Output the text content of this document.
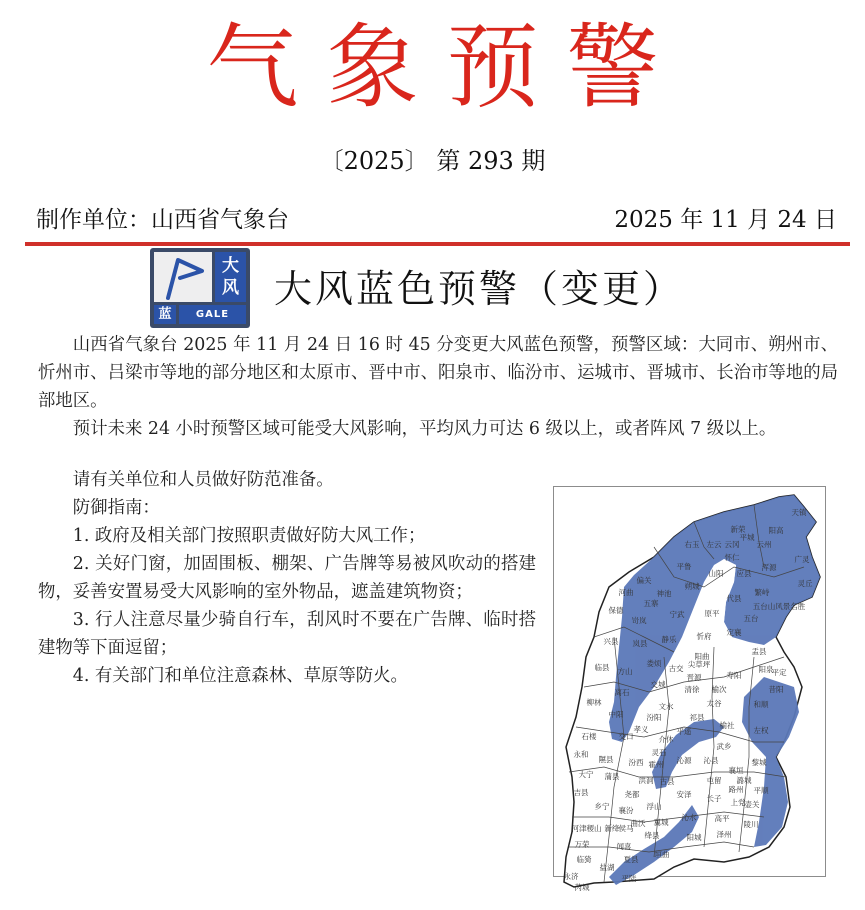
气象预警
〔2025〕 第 293 期
制作单位：山西省气象台	2025 年 11 月 24 日
大
风
蓝	GALE
大风蓝色预警（变更）

山西省气象台 2025 年 11 月 24 日 16 时 45 分变更大风蓝色预警，预警区域：大同市、朔州市、忻州市、吕梁市等地的部分地区和太原市、晋中市、阳泉市、临汾市、运城市、晋城市、长治市等地的局部地区。

预计未来 24 小时预警区域可能受大风影响，平均风力可达 6 级以上，或者阵风 7 级以上。

请有关单位和人员做好防范准备。

防御指南：

1. 政府及相关部门按照职责做好防大风工作；

2. 关好门窗，加固围板、棚架、广告牌等易被风吹动的搭建物，妥善安置易受大风影响的室外物品，遮盖建筑物资；

3. 行人注意尽量少骑自行车，刮风时不要在广告牌、临时搭建物等下面逗留；

4. 有关部门和单位注意森林、草原等防火。

天镇
新荣	阳高
右玉 左云 云冈
平城
云州
怀仁	广灵
平鲁	浑源
山阳 应县
灵丘
偏关
朔城
繁峙
河曲	神池
五寨
代县
五台山风景名胜
保德	宁武	原平
五台
岢岚
定襄
兴县 岚县 静乐	忻府
盂县
阳曲
临县	娄烦
方山	古交 尖草坪
阳泉
平定
寿阳
晋源
昔阳
离石
交城
清徐 榆次
柳林	文水	太谷	和顺
中阳	汾阳	祁县
平遥
榆社
石楼
孝义
介休
左权
交口
灵石
武乡
永和
隰县 汾西 霍州 沁源 沁县
襄垣
黎城
大宁 蒲县	洪洞 古县	屯留 潞城
路州 平顺
吉县	尧都	安泽 长子 上党 壶关
乡宁 襄汾 浮山
沁水 高平
陵川
河津 稷山 新绛 侯马
曲沃 翼城
阳城 泽州
绛县
万荣	闻喜
垣曲
临猗	夏县
盐湖
永济	平陆
芮城
